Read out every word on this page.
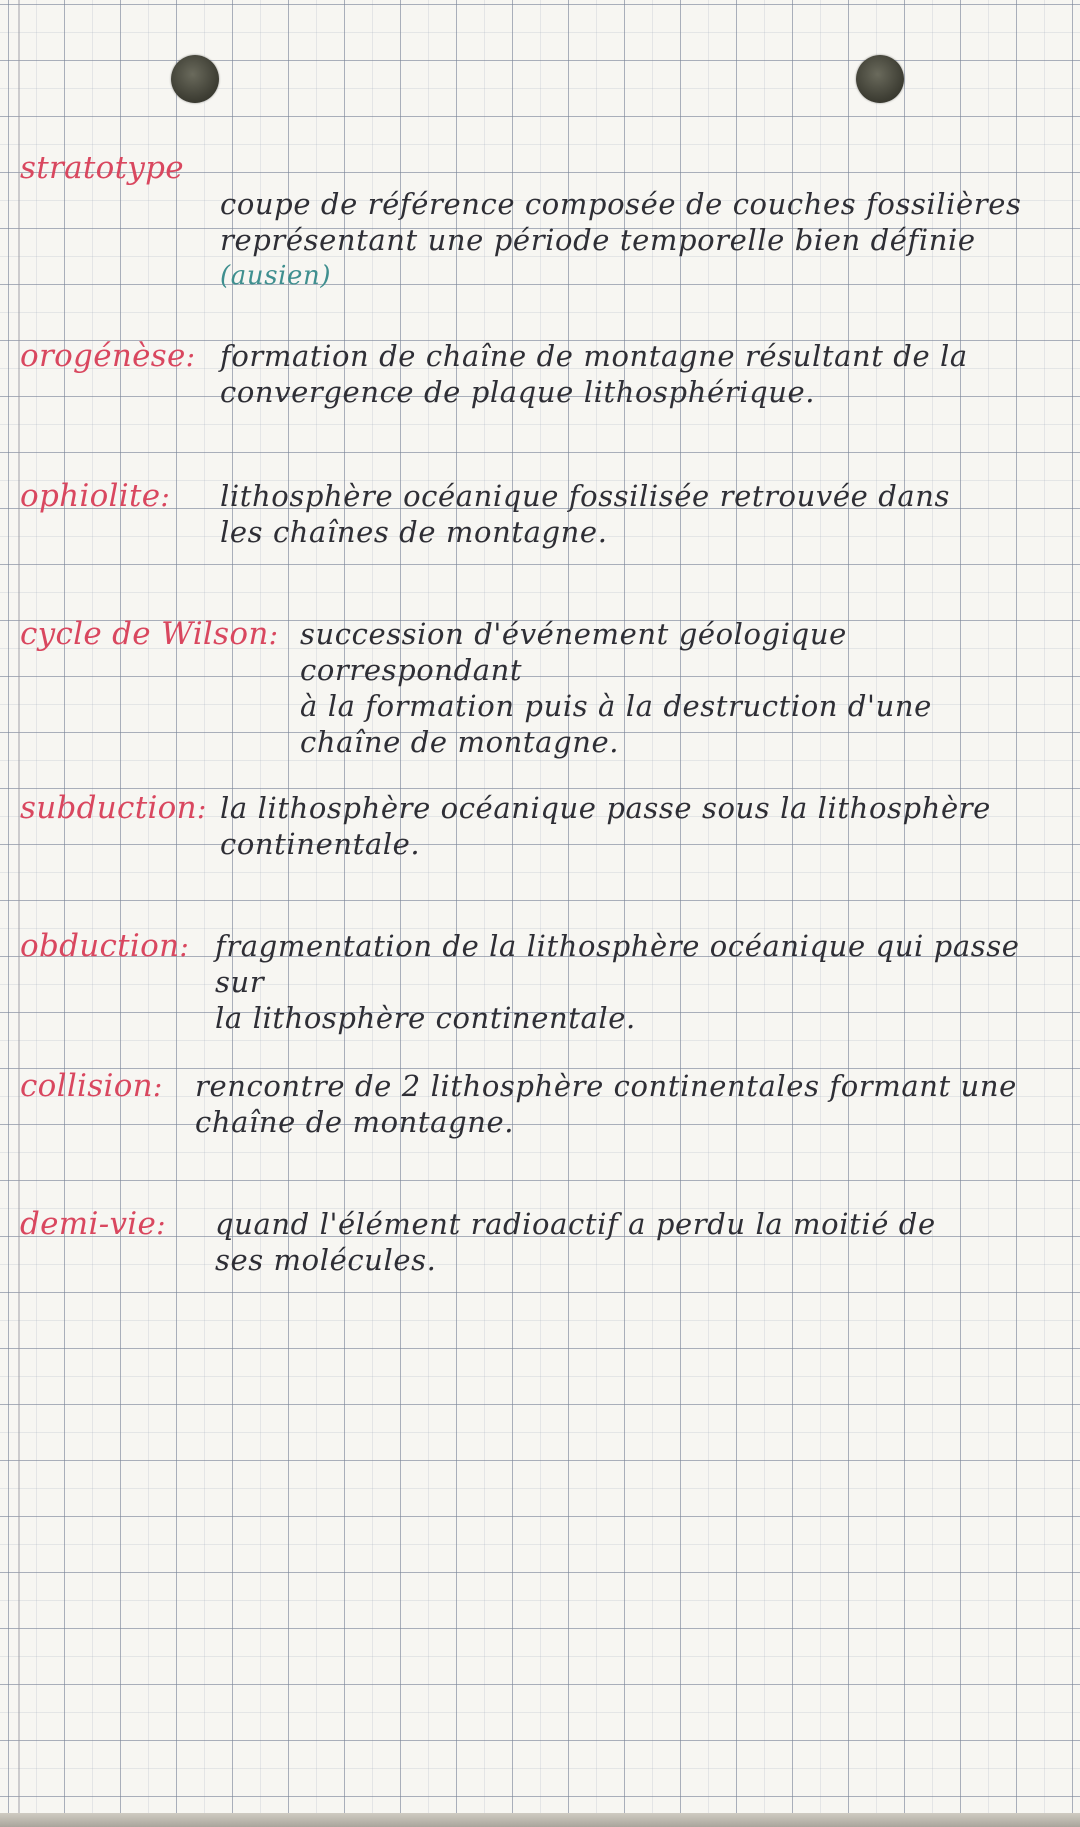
stratotype

coupe de référence composée de couches fossilières
représentant une période temporelle bien définie

(ausien)

orogénèse: formation de chaîne de montagne résultant de la
convergence de plaque lithosphérique.
ophiolite: lithosphère océanique fossilisée retrouvée dans
les chaînes de montagne.
cycle de Wilson: succession d'événement géologique correspondant
à la formation puis à la destruction d'une
chaîne de montagne.
subduction: la lithosphère océanique passe sous la lithosphère
continentale.
obduction: fragmentation de la lithosphère océanique qui passe sur
la lithosphère continentale.
collision: rencontre de 2 lithosphère continentales formant une
chaîne de montagne.
demi-vie: quand l'élément radioactif a perdu la moitié de
ses molécules.
